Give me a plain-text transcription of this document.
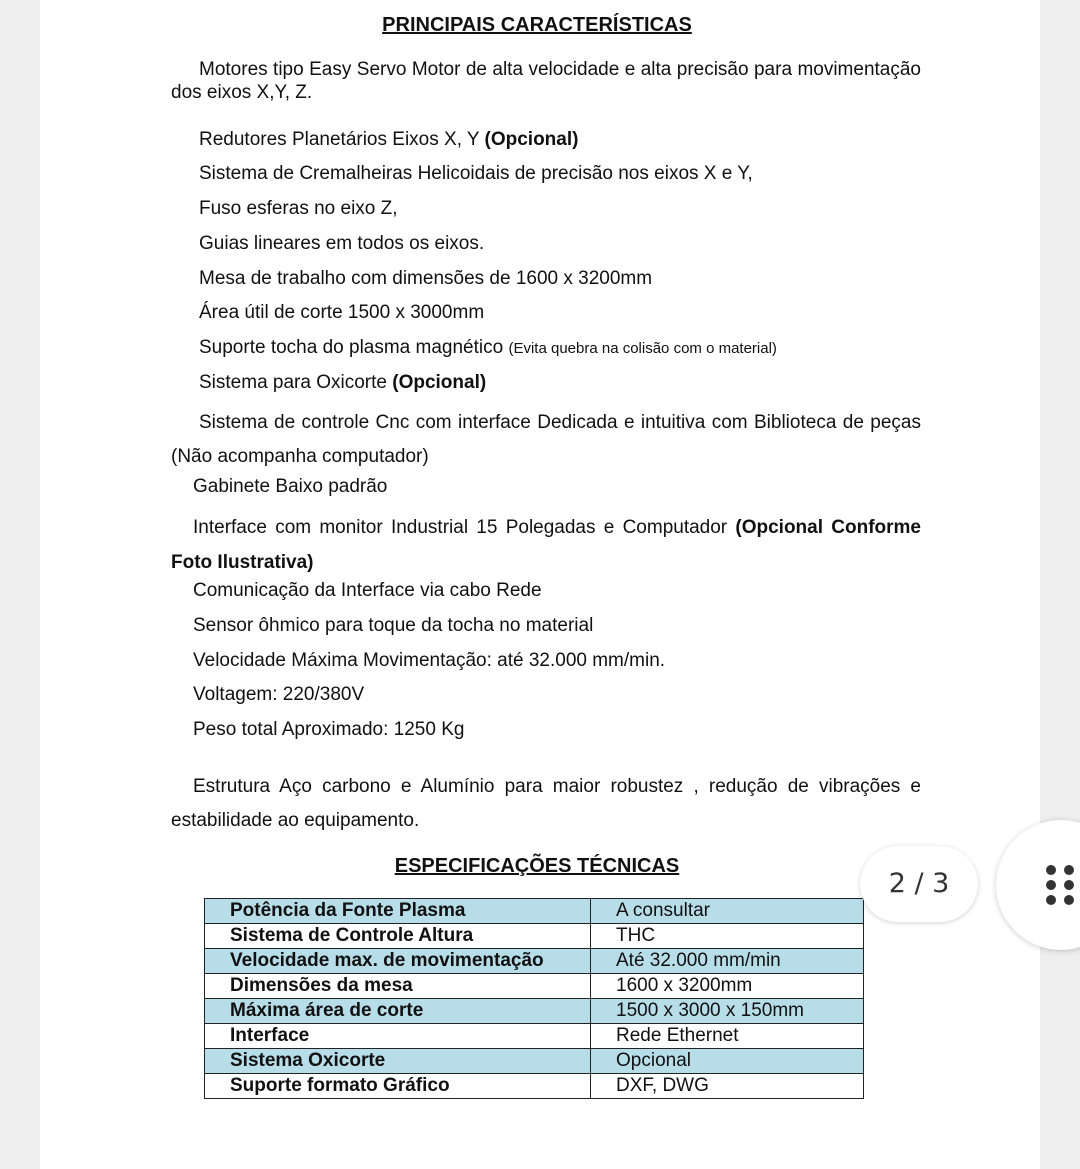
PRINCIPAIS CARACTERÍSTICAS
Motores tipo Easy Servo Motor de alta velocidade e alta precisão para movimentação dos eixos X,Y, Z.
Redutores Planetários Eixos X, Y (Opcional)
Sistema de Cremalheiras Helicoidais de precisão nos eixos X e Y,
Fuso esferas no eixo Z,
Guias lineares em todos os eixos.
Mesa de trabalho com dimensões de 1600 x 3200mm
Área útil de corte 1500 x 3000mm
Suporte tocha do plasma magnético (Evita quebra na colisão com o material)
Sistema para Oxicorte (Opcional)
Sistema de controle Cnc com interface Dedicada e intuitiva com Biblioteca de peças (Não acompanha computador)
Gabinete Baixo padrão
Interface com monitor Industrial 15 Polegadas e Computador (Opcional Conforme Foto Ilustrativa)
Comunicação da Interface via cabo Rede
Sensor ôhmico para toque da tocha no material
Velocidade Máxima Movimentação: até 32.000 mm/min.
Voltagem: 220/380V
Peso total Aproximado: 1250 Kg
Estrutura Aço carbono e Alumínio para maior robustez , redução de vibrações e estabilidade ao equipamento.
ESPECIFICAÇÕES TÉCNICAS
Potência da Fonte Plasma	A consultar
Sistema de Controle Altura	THC
Velocidade max. de movimentação	Até 32.000 mm/min
Dimensões da mesa	1600 x 3200mm
Máxima área de corte	1500 x 3000 x 150mm
Interface	Rede Ethernet
Sistema Oxicorte	Opcional
Suporte formato Gráfico	DXF, DWG
2 / 3
